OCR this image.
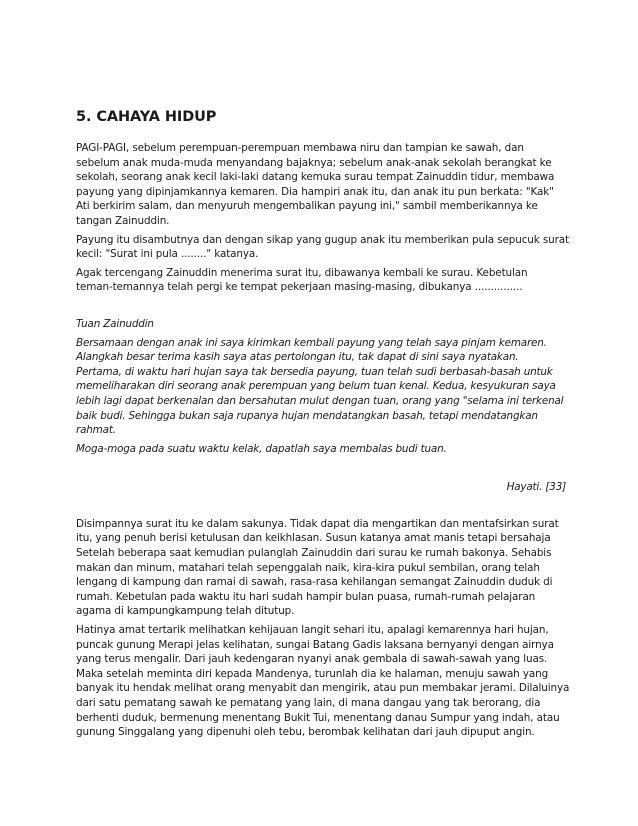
5. CAHAYA HIDUP

PAGI-PAGI, sebelum perempuan-perempuan membawa niru dan tampian ke sawah, dan
sebelum anak muda-muda menyandang bajaknya; sebelum anak-anak sekolah berangkat ke
sekolah, seorang anak kecil laki-laki datang kemuka surau tempat Zainuddin tidur, membawa
payung yang dipinjamkannya kemaren. Dia hampiri anak itu, dan anak itu pun berkata: "Kak"
Ati berkirim salam, dan menyuruh mengembalikan payung ini," sambil memberikannya ke
tangan Zainuddin.

Payung itu disambutnya dan dengan sikap yang gugup anak itu memberikan pula sepucuk surat
kecil: "Surat ini pula ........" katanya.

Agak tercengang Zainuddin menerima surat itu, dibawanya kembali ke surau. Kebetulan
teman-temannya telah pergi ke tempat pekerjaan masing-masing, dibukanya ...............

Tuan Zainuddin

Bersamaan dengan anak ini saya kirimkan kembali payung yang telah saya pinjam kemaren.
Alangkah besar terima kasih saya atas pertolongan itu, tak dapat di sini saya nyatakan.
Pertama, di waktu hari hujan saya tak bersedia payung, tuan telah sudi berbasah-basah untuk
memeliharakan diri seorang anak perempuan yang belum tuan kenal. Kedua, kesyukuran saya
lebih lagi dapat berkenalan dan bersahutan mulut dengan tuan, orang yang "selama ini terkenal
baik budi. Sehingga bukan saja rupanya hujan mendatangkan basah, tetapi mendatangkan
rahmat.

Moga-moga pada suatu waktu kelak, dapatlah saya membalas budi tuan.

Hayati. [33]

Disimpannya surat itu ke dalam sakunya. Tidak dapat dia mengartikan dan mentafsirkan surat
itu, yang penuh berisi ketulusan dan keikhlasan. Susun katanya amat manis tetapi bersahaja
Setelah beberapa saat kemudian pulanglah Zainuddin dari surau ke rumah bakonya. Sehabis
makan dan minum, matahari telah sepenggalah naik, kira-kira pukul sembilan, orang telah
lengang di kampung dan ramai di sawah, rasa-rasa kehilangan semangat Zainuddin duduk di
rumah. Kebetulan pada waktu itu hari sudah hampir bulan puasa, rumah-rumah pelajaran
agama di kampungkampung telah ditutup.

Hatinya amat tertarik melihatkan kehijauan langit sehari itu, apalagi kemarennya hari hujan,
puncak gunung Merapi jelas kelihatan, sungai Batang Gadis laksana bernyanyi dengan airnya
yang terus mengalir. Dari jauh kedengaran nyanyi anak gembala di sawah-sawah yang luas.
Maka setelah meminta diri kepada Mandenya, turunlah dia ke halaman, menuju sawah yang
banyak itu hendak melihat orang menyabit dan mengirik, atau pun membakar jerami. Dilaluinya
dari satu pematang sawah ke pematang yang lain, di mana dangau yang tak berorang, dia
berhenti duduk, bermenung menentang Bukit Tui, menentang danau Sumpur yang indah, atau
gunung Singgalang yang dipenuhi oleh tebu, berombak kelihatan dari jauh dipuput angin.
